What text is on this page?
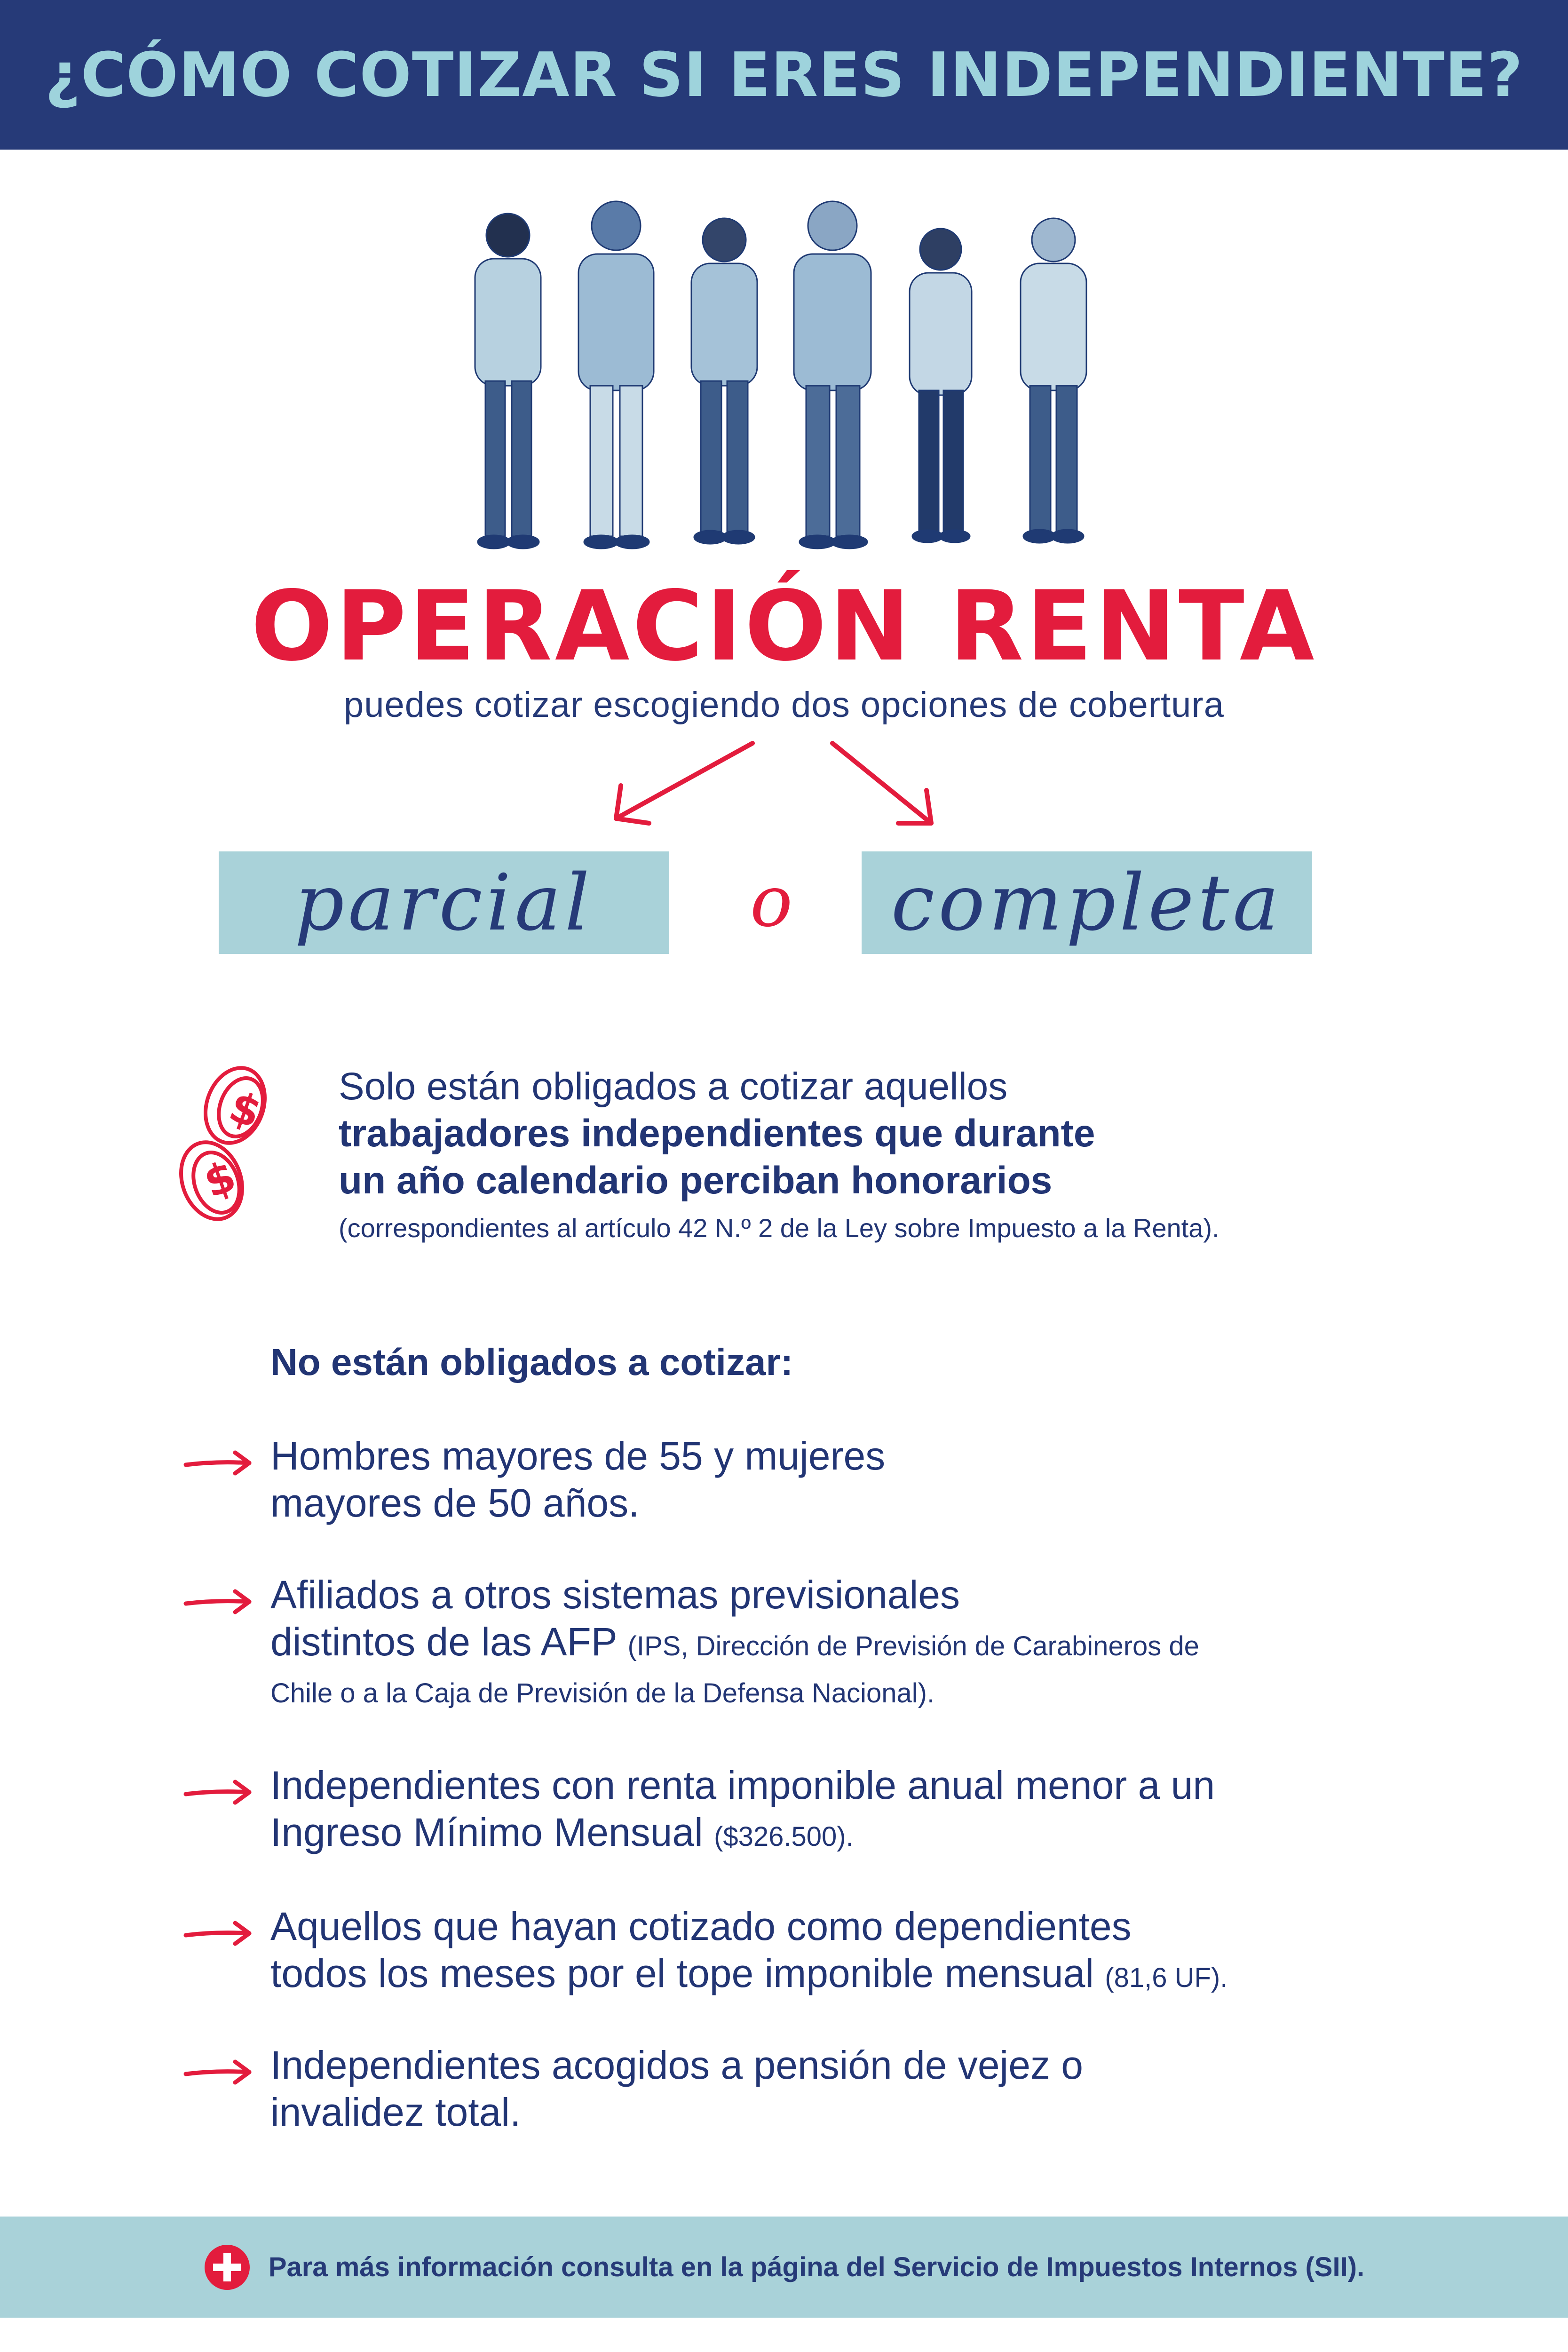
¿CÓMO COTIZAR SI ERES INDEPENDIENTE?
OPERACIÓN RENTA
puedes cotizar escogiendo dos opciones de cobertura
parcial	o	completa
$
$
Solo están obligados a cotizar aquellos
trabajadores independientes que durante
un año calendario perciban honorarios
(correspondientes al artículo 42 N.º 2 de la Ley sobre Impuesto a la Renta).
No están obligados a cotizar:
Hombres mayores de 55 y mujeres
mayores de 50 años.
Afiliados a otros sistemas previsionales
distintos de las AFP (IPS, Dirección de Previsión de Carabineros de
Chile o a la Caja de Previsión de la Defensa Nacional).
Independientes con renta imponible anual menor a un
Ingreso Mínimo Mensual ($326.500).
Aquellos que hayan cotizado como dependientes
todos los meses por el tope imponible mensual (81,6 UF).
Independientes acogidos a pensión de vejez o
invalidez total.
Para más información consulta en la página del Servicio de Impuestos Internos (SII).
